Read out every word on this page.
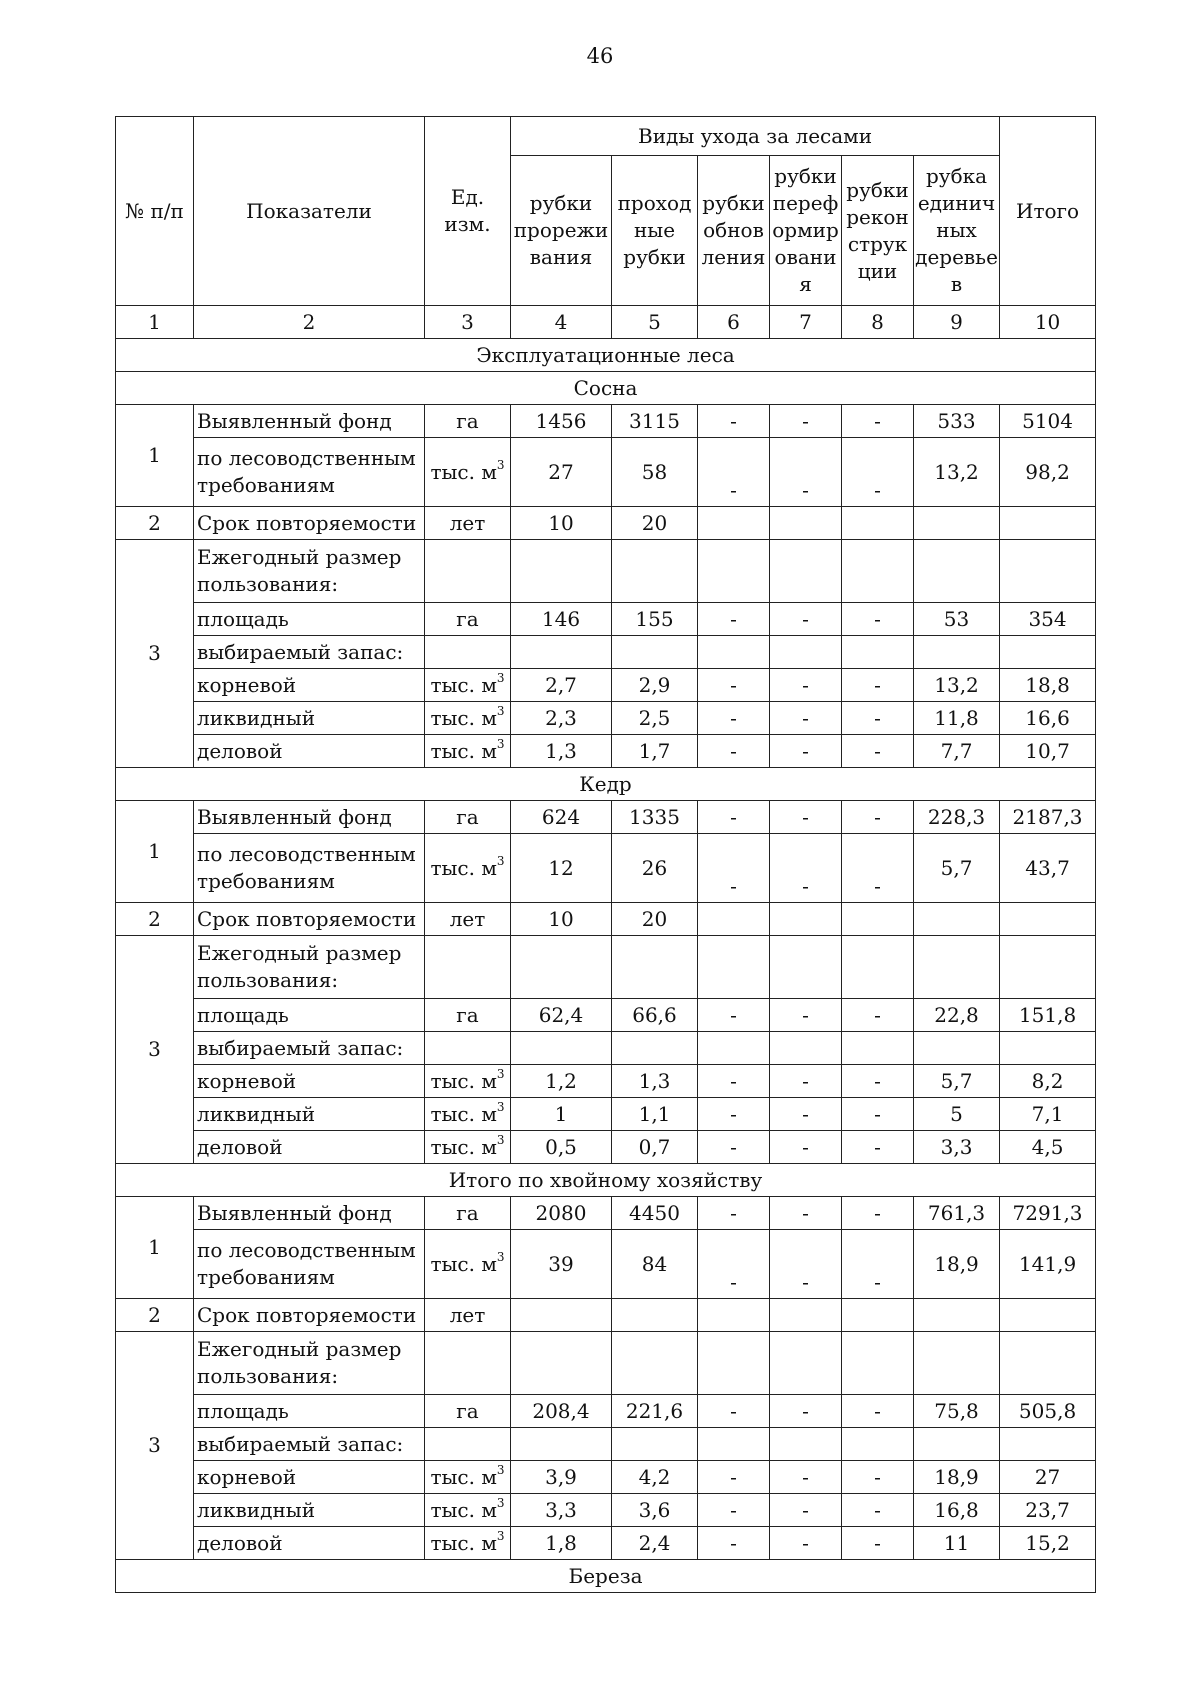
46
№ п/п	Показатели	Ед. изм.	Виды ухода за лесами						Итого
			рубки прорежи вания	проход ные рубки	рубки обнов ления	рубки переф ормир овани я	рубки рекон струк ции	рубка единич ных деревье в	
1	2	3	4	5	6	7	8	9	10
Эксплуатационные леса									
Сосна									
1	Выявленный фонд	га	1456	3115	-	-	-	533	5104
	по лесоводственным требованиям	тыс. $м^3$	27	58	-	-	-	13,2	98,2
2	Срок повторяемости	лет	10	20					
3	Ежегодный размер пользования:								
	площадь	га	146	155	-	-	-	53	354
	выбираемый запас:								
	корневой	тыс. $м^3$	2,7	2,9	-	-	-	13,2	18,8
	ликвидный	тыс. $м^3$	2,3	2,5	-	-	-	11,8	16,6
	деловой	тыс. $м^3$	1,3	1,7	-	-	-	7,7	10,7
Кедр									
1	Выявленный фонд	га	624	1335	-	-	-	228,3	2187,3
	по лесоводственным требованиям	тыс. $м^3$	12	26	-	-	-	5,7	43,7
2	Срок повторяемости	лет	10	20					
3	Ежегодный размер пользования:								
	площадь	га	62,4	66,6	-	-	-	22,8	151,8
	выбираемый запас:								
	корневой	тыс. $м^3$	1,2	1,3	-	-	-	5,7	8,2
	ликвидный	тыс. $м^3$	1	1,1	-	-	-	5	7,1
	деловой	тыс. $м^3$	0,5	0,7	-	-	-	3,3	4,5
Итого по хвойному хозяйству									
1	Выявленный фонд	га	2080	4450	-	-	-	761,3	7291,3
	по лесоводственным требованиям	тыс. $м^3$	39	84	-	-	-	18,9	141,9
2	Срок повторяемости	лет							
3	Ежегодный размер пользования:								
	площадь	га	208,4	221,6	-	-	-	75,8	505,8
	выбираемый запас:								
	корневой	тыс. $м^3$	3,9	4,2	-	-	-	18,9	27
	ликвидный	тыс. $м^3$	3,3	3,6	-	-	-	16,8	23,7
	деловой	тыс. $м^3$	1,8	2,4	-	-	-	11	15,2
Береза									
